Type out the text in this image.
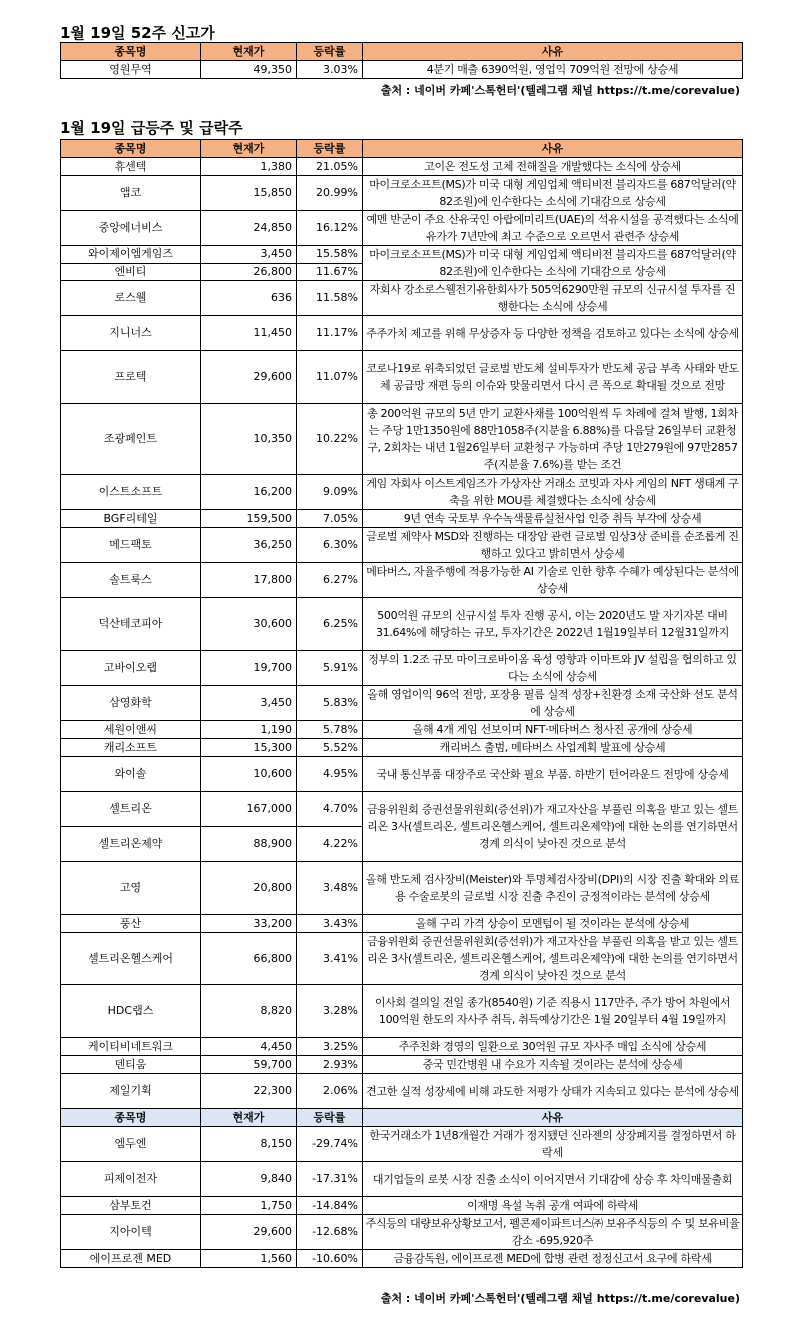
1월 19일 52주 신고가
종목명	현재가	등락률	사유
영원무역	49,350	3.03%	4분기 매출 6390억원, 영업익 709억원 전망에 상승세
출처 : 네이버 카페'스톡헌터'(텔레그램 채널 https://t.me/corevalue)
1월 19일 급등주 및 급락주
종목명	현재가	등락률	사유
휴센텍	1,380	21.05%	고이온 전도성 고체 전해질을 개발했다는 소식에 상승세
앱코	15,850	20.99%	마이크로소프트(MS)가 미국 대형 게임업체 액티비전 블리자드를 687억달러(약 82조원)에 인수한다는 소식에 기대감으로 상승세
중앙에너비스	24,850	16.12%	예멘 반군이 주요 산유국인 아랍에미리트(UAE)의 석유시설을 공격했다는 소식에 유가가 7년만에 최고 수준으로 오르면서 관련주 상승세
와이제이엠게임즈	3,450	15.58%	마이크로소프트(MS)가 미국 대형 게임업체 액티비전 블리자드를 687억달러(약 82조원)에 인수한다는 소식에 기대감으로 상승세
엔비티	26,800	11.67%	
로스웰	636	11.58%	자회사 강소로스웰전기유한회사가 505억6290만원 규모의 신규시설 투자를 진행한다는 소식에 상승세
지니너스	11,450	11.17%	주주가치 제고를 위해 무상증자 등 다양한 정책을 검토하고 있다는 소식에 상승세
프로텍	29,600	11.07%	코로나19로 위축되었던 글로벌 반도체 설비투자가 반도체 공급 부족 사태와 반도체 공급망 재편 등의 이슈와 맞물리면서 다시 큰 폭으로 확대될 것으로 전망
조광페인트	10,350	10.22%	총 200억원 규모의 5년 만기 교환사채를 100억원씩 두 차례에 걸쳐 발행, 1회차는 주당 1만1350원에 88만1058주(지분율 6.88%)를 다음달 26일부터 교환청구, 2회차는 내년 1월26일부터 교환청구 가능하며 주당 1만279원에 97만2857주(지분율 7.6%)를 받는 조건
이스트소프트	16,200	9.09%	게임 자회사 이스트게임즈가 가상자산 거래소 코빗과 자사 게임의 NFT 생태계 구축을 위한 MOU를 체결했다는 소식에 상승세
BGF리테일	159,500	7.05%	9년 연속 국토부 우수녹색물류실천사업 인증 취득 부각에 상승세
메드팩토	36,250	6.30%	글로벌 제약사 MSD와 진행하는 대장암 관련 글로벌 임상3상 준비를 순조롭게 진행하고 있다고 밝히면서 상승세
솔트룩스	17,800	6.27%	메타버스, 자율주행에 적용가능한 AI 기술로 인한 향후 수혜가 예상된다는 분석에 상승세
덕산테코피아	30,600	6.25%	500억원 규모의 신규시설 투자 진행 공시, 이는 2020년도 말 자기자본 대비 31.64%에 해당하는 규모, 투자기간은 2022년 1월19일부터 12월31일까지
고바이오랩	19,700	5.91%	정부의 1.2조 규모 마이크로바이옴 육성 영향과 이마트와 JV 설립을 협의하고 있다는 소식에 상승세
삼영화학	3,450	5.83%	올해 영업이익 96억 전망, 포장용 필름 실적 성장+친환경 소재 국산화 선도 분석에 상승세
세원이앤씨	1,190	5.78%	올해 4개 게임 선보이며 NFT·메타버스 청사진 공개에 상승세
캐리소프트	15,300	5.52%	캐리버스 출범, 메타버스 사업계획 발표에 상승세
와이솔	10,600	4.95%	국내 통신부품 대장주로 국산화 필요 부품. 하반기 턴어라운드 전망에 상승세
셀트리온	167,000	4.70%	금융위원회 증권선물위원회(증선위)가 재고자산을 부풀린 의혹을 받고 있는 셀트리온 3사(셀트리온, 셀트리온헬스케어, 셀트리온제약)에 대한 논의를 연기하면서 경계 의식이 낮아진 것으로 분석
셀트리온제약	88,900	4.22%	
고영	20,800	3.48%	올해 반도체 검사장비(Meister)와 투명체검사장비(DPI)의 시장 진출 확대와 의료용 수술로봇의 글로벌 시장 진출 추진이 긍정적이라는 분석에 상승세
풍산	33,200	3.43%	올해 구리 가격 상승이 모멘텀이 될 것이라는 분석에 상승세
셀트리온헬스케어	66,800	3.41%	금융위원회 증권선물위원회(증선위)가 재고자산을 부풀린 의혹을 받고 있는 셀트리온 3사(셀트리온, 셀트리온헬스케어, 셀트리온제약)에 대한 논의를 연기하면서 경계 의식이 낮아진 것으로 분석
HDC랩스	8,820	3.28%	이사회 결의일 전일 종가(8540원) 기준 직용시 117만주, 주가 방어 차원에서 100억원 한도의 자사주 취득, 취득예상기간은 1월 20일부터 4월 19일까지
케이티비네트워크	4,450	3.25%	주주친화 경영의 일환으로 30억원 규모 자사주 매입 소식에 상승세
덴티움	59,700	2.93%	중국 민간병원 내 수요가 지속될 것이라는 분석에 상승세
제일기획	22,300	2.06%	견고한 실적 성장세에 비해 과도한 저평가 상태가 지속되고 있다는 분석에 상승세
종목명	현재가	등락률	사유
엠두엔	8,150	-29.74%	한국거래소가 1년8개월간 거래가 정지됐던 신라젠의 상장폐지를 결정하면서 하락세
피제이전자	9,840	-17.31%	대기업들의 로봇 시장 진출 소식이 이어지면서 기대감에 상승 후 차익매물출회
삼부토건	1,750	-14.84%	이재명 욕설 녹취 공개 여파에 하락세
지아이텍	29,600	-12.68%	주식등의 대량보유상황보고서, 펠콘제이파트너스㈜ 보유주식등의 수 및 보유비율 감소 -695,920주
에이프로젠 MED	1,560	-10.60%	금융감독원, 에이프로젠 MED에 합병 관련 정정신고서 요구에 하락세
출처 : 네이버 카페'스톡헌터'(텔레그램 채널 https://t.me/corevalue)
